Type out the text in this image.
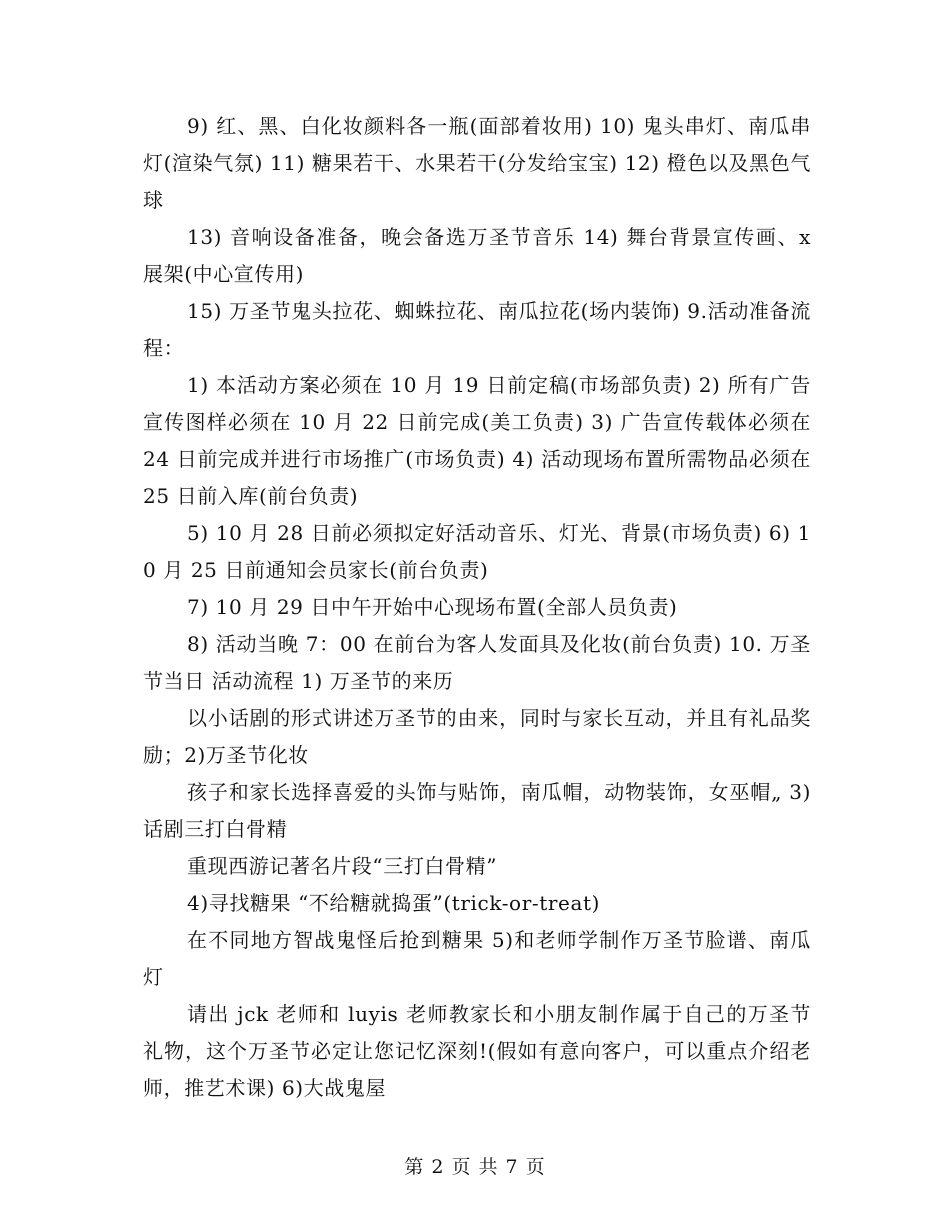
9) 红、黑、白化妆颜料各一瓶(面部着妆用) 10) 鬼头串灯、南瓜串灯(渲染气氛) 11) 糖果若干、水果若干(分发给宝宝) 12) 橙色以及黑色气球

13) 音响设备准备，晚会备选万圣节音乐 14) 舞台背景宣传画、x 展架(中心宣传用)

15) 万圣节鬼头拉花、蜘蛛拉花、南瓜拉花(场内装饰) 9.活动准备流程：

1) 本活动方案必须在 10 月 19 日前定稿(市场部负责) 2) 所有广告宣传图样必须在 10 月 22 日前完成(美工负责) 3) 广告宣传载体必须在 24 日前完成并进行市场推广(市场负责) 4) 活动现场布置所需物品必须在 25 日前入库(前台负责)

5) 10 月 28 日前必须拟定好活动音乐、灯光、背景(市场负责) 6) 10 月 25 日前通知会员家长(前台负责)

7) 10 月 29 日中午开始中心现场布置(全部人员负责)

8) 活动当晚 7：00 在前台为客人发面具及化妆(前台负责) 10. 万圣节当日 活动流程 1) 万圣节的来历

以小话剧的形式讲述万圣节的由来，同时与家长互动，并且有礼品奖励；2)万圣节化妆

孩子和家长选择喜爱的头饰与贴饰，南瓜帽，动物装饰，女巫帽„ 3)话剧三打白骨精

重现西游记著名片段“三打白骨精”

4)寻找糖果 “不给糖就捣蛋”(trick-or-treat)

在不同地方智战鬼怪后抢到糖果 5)和老师学制作万圣节脸谱、南瓜灯

请出 jck 老师和 luyis 老师教家长和小朋友制作属于自己的万圣节礼物，这个万圣节必定让您记忆深刻!(假如有意向客户，可以重点介绍老师，推艺术课) 6)大战鬼屋

第 2 页 共 7 页
